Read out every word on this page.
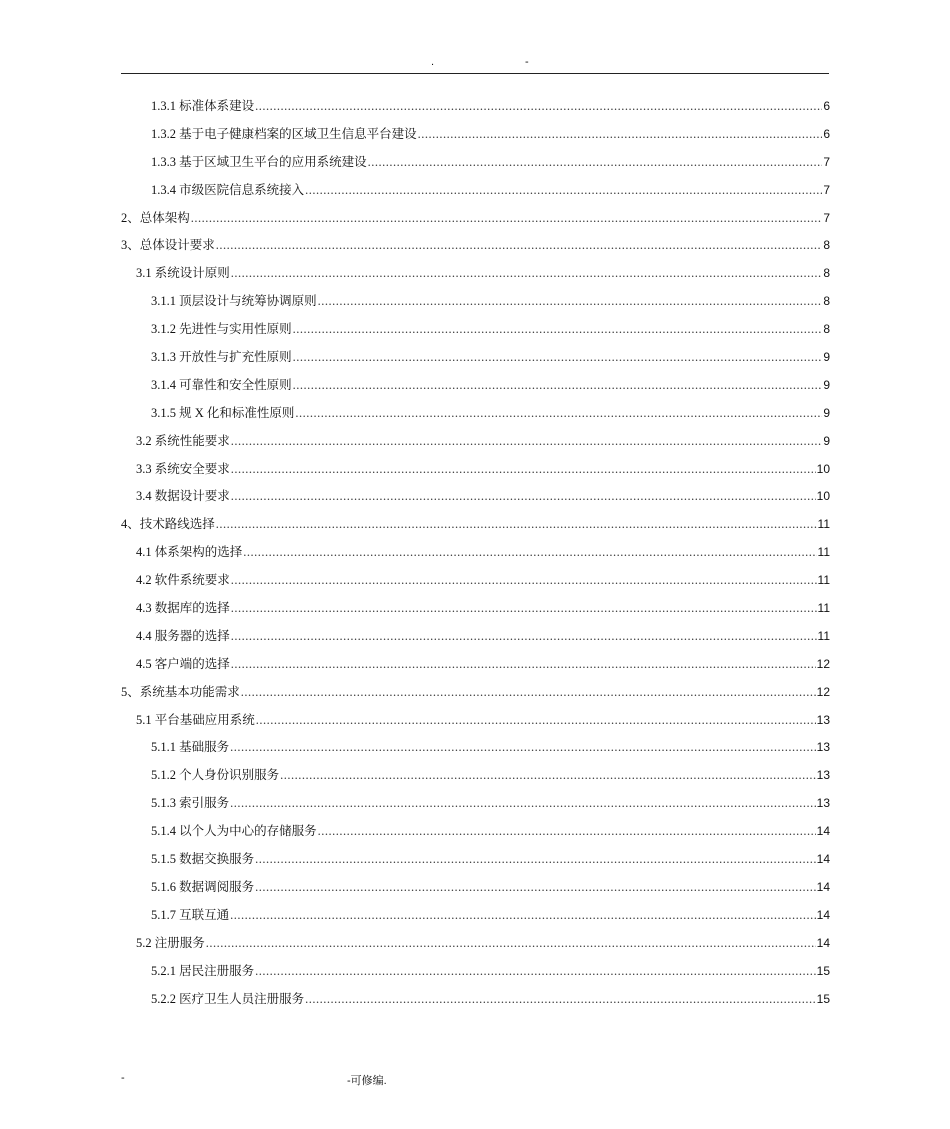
.	-
1.3.1 标准体系建设 .....	6
1.3.2 基于电子健康档案的区域卫生信息平台建设 .....	6
1.3.3 基于区域卫生平台的应用系统建设 .....	7
1.3.4 市级医院信息系统接入 .....	7
2、总体架构 .....	7
3、总体设计要求 .....	8
3.1 系统设计原则 .....	8
3.1.1 顶层设计与统筹协调原则 .....	8
3.1.2 先进性与实用性原则 .....	8
3.1.3 开放性与扩充性原则 .....	9
3.1.4 可靠性和安全性原则 .....	9
3.1.5 规 X 化和标准性原则 .....	9
3.2 系统性能要求 .....	9
3.3 系统安全要求 .....	10
3.4 数据设计要求 .....	10
4、技术路线选择 .....	11
4.1 体系架构的选择 .....	11
4.2 软件系统要求 .....	11
4.3 数据库的选择 .....	11
4.4 服务器的选择 .....	11
4.5 客户端的选择 .....	12
5、系统基本功能需求 .....	12
5.1 平台基础应用系统 .....	13
5.1.1 基础服务 .....	13
5.1.2 个人身份识别服务 .....	13
5.1.3 索引服务 .....	13
5.1.4 以个人为中心的存储服务 .....	14
5.1.5 数据交换服务 .....	14
5.1.6 数据调阅服务 .....	14
5.1.7 互联互通 .....	14
5.2 注册服务 .....	14
5.2.1 居民注册服务 .....	15
5.2.2 医疗卫生人员注册服务 .....	15
-	-可修编.
